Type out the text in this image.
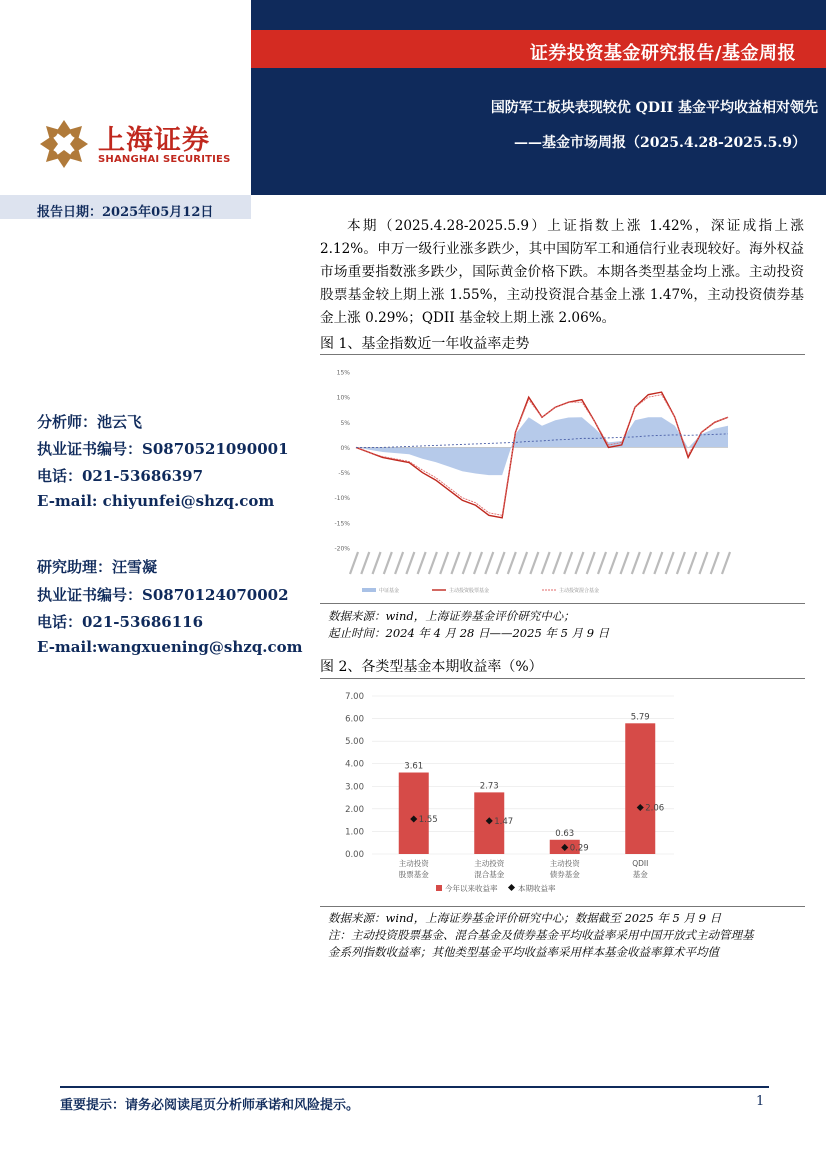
证券投资基金研究报告/基金周报
国防军工板块表现较优 QDII 基金平均收益相对领先
——基金市场周报（2025.4.28-2025.5.9）
上海证券
SHANGHAI SECURITIES
报告日期：2025年05月12日
分析师：池云飞
执业证书编号：S0870521090001
电话：021-53686397
E-mail: chiyunfei@shzq.com
研究助理：汪雪凝
执业证书编号：S0870124070002
电话：021-53686116
E-mail:wangxuening@shzq.com
本期（2025.4.28-2025.5.9）上证指数上涨 1.42%，深证成指上涨 2.12%。申万一级行业涨多跌少，其中国防军工和通信行业表现较好。海外权益市场重要指数涨多跌少，国际黄金价格下跌。本期各类型基金均上涨。主动投资股票基金较上期上涨 1.55%，主动投资混合基金上涨 1.47%，主动投资债券基金上涨 0.29%；QDII 基金较上期上涨 2.06%。
图 1、基金指数近一年收益率走势
15%
10%
5%
0%
-5%
-10%
-15%
-20%
中证基金	主动投资股票基金	主动投资混合基金
数据来源：wind，上海证券基金评价研究中心；
起止时间：2024 年 4 月 28 日——2025 年 5 月 9 日
图 2、各类型基金本期收益率（%）
0.00
1.00
2.00
3.00
4.00
5.00
6.00
7.00
3.61
1.55
2.73
1.47
0.63
0.29
5.79
2.06
主动投资
股票基金
主动投资
混合基金
主动投资
债券基金
QDII
基金
今年以来收益率	本期收益率
数据来源：wind，上海证券基金评价研究中心；数据截至 2025 年 5 月 9 日
注：主动投资股票基金、混合基金及债券基金平均收益率采用中国开放式主动管理基
金系列指数收益率；其他类型基金平均收益率采用样本基金收益率算术平均值
重要提示：请务必阅读尾页分析师承诺和风险提示。	1
